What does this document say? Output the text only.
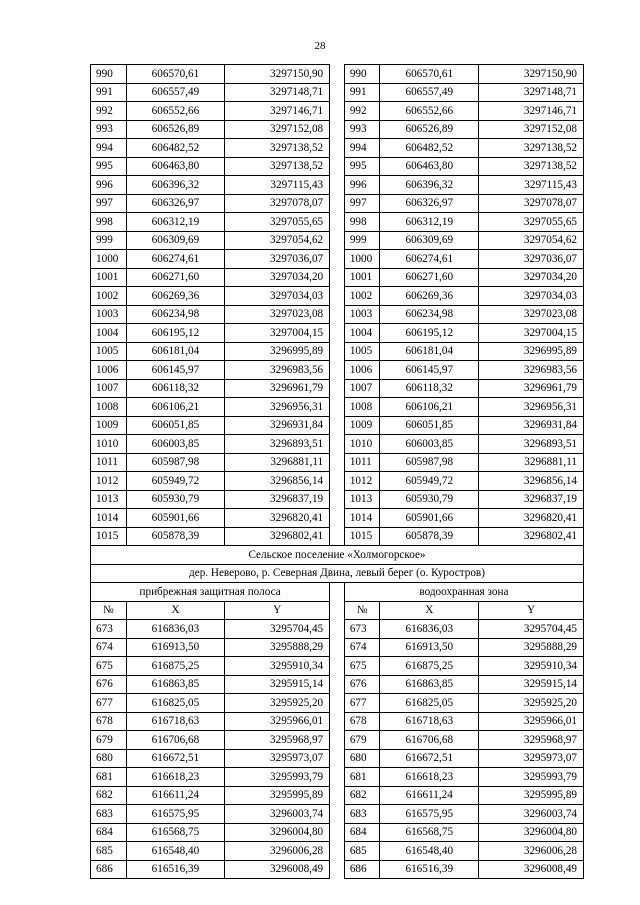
28
990	606570,61	3297150,90		990	606570,61	3297150,90
991	606557,49	3297148,71		991	606557,49	3297148,71
992	606552,66	3297146,71		992	606552,66	3297146,71
993	606526,89	3297152,08		993	606526,89	3297152,08
994	606482,52	3297138,52		994	606482,52	3297138,52
995	606463,80	3297138,52		995	606463,80	3297138,52
996	606396,32	3297115,43		996	606396,32	3297115,43
997	606326,97	3297078,07		997	606326,97	3297078,07
998	606312,19	3297055,65		998	606312,19	3297055,65
999	606309,69	3297054,62		999	606309,69	3297054,62
1000	606274,61	3297036,07		1000	606274,61	3297036,07
1001	606271,60	3297034,20		1001	606271,60	3297034,20
1002	606269,36	3297034,03		1002	606269,36	3297034,03
1003	606234,98	3297023,08		1003	606234,98	3297023,08
1004	606195,12	3297004,15		1004	606195,12	3297004,15
1005	606181,04	3296995,89		1005	606181,04	3296995,89
1006	606145,97	3296983,56		1006	606145,97	3296983,56
1007	606118,32	3296961,79		1007	606118,32	3296961,79
1008	606106,21	3296956,31		1008	606106,21	3296956,31
1009	606051,85	3296931,84		1009	606051,85	3296931,84
1010	606003,85	3296893,51		1010	606003,85	3296893,51
1011	605987,98	3296881,11		1011	605987,98	3296881,11
1012	605949,72	3296856,14		1012	605949,72	3296856,14
1013	605930,79	3296837,19		1013	605930,79	3296837,19
1014	605901,66	3296820,41		1014	605901,66	3296820,41
1015	605878,39	3296802,41		1015	605878,39	3296802,41
Сельское поселение «Холмогорское»						
дер. Неверово, р. Северная Двина, левый берег (о. Куростров)						
прибрежная защитная полоса				водоохранная зона		
№	X	Y		№	X	Y
673	616836,03	3295704,45		673	616836,03	3295704,45
674	616913,50	3295888,29		674	616913,50	3295888,29
675	616875,25	3295910,34		675	616875,25	3295910,34
676	616863,85	3295915,14		676	616863,85	3295915,14
677	616825,05	3295925,20		677	616825,05	3295925,20
678	616718,63	3295966,01		678	616718,63	3295966,01
679	616706,68	3295968,97		679	616706,68	3295968,97
680	616672,51	3295973,07		680	616672,51	3295973,07
681	616618,23	3295993,79		681	616618,23	3295993,79
682	616611,24	3295995,89		682	616611,24	3295995,89
683	616575,95	3296003,74		683	616575,95	3296003,74
684	616568,75	3296004,80		684	616568,75	3296004,80
685	616548,40	3296006,28		685	616548,40	3296006,28
686	616516,39	3296008,49		686	616516,39	3296008,49
